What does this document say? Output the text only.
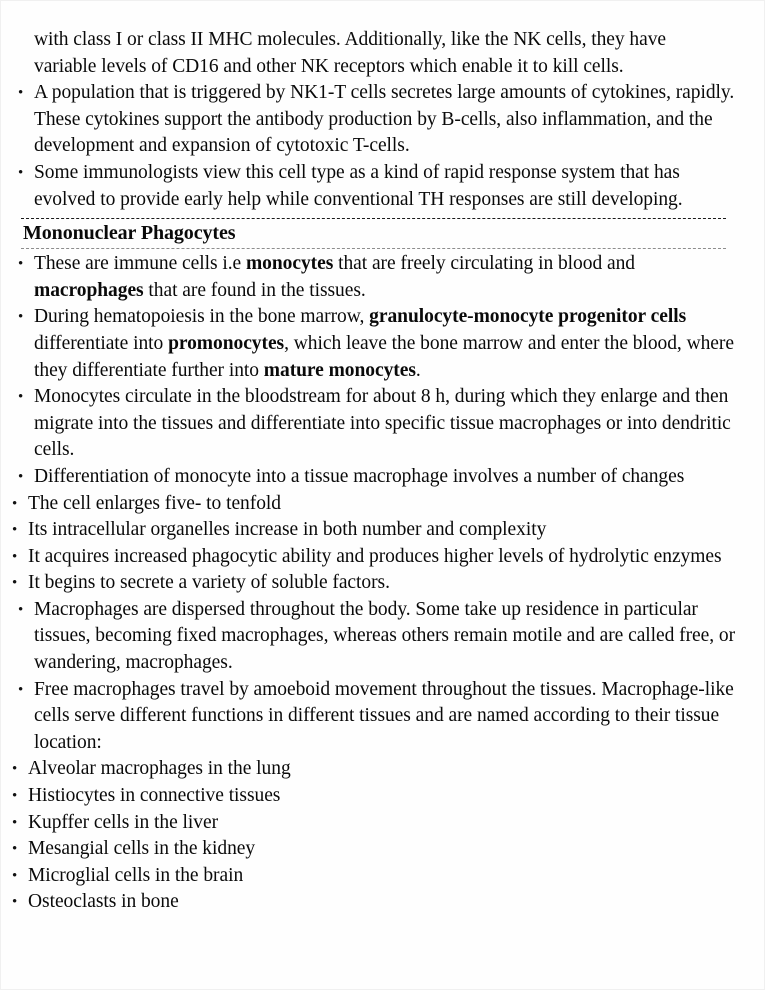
with class I or class II MHC molecules. Additionally, like the NK cells, they have
variable levels of CD16 and other NK receptors which enable it to kill cells.
•
A population that is triggered by NK1-T cells secretes large amounts of cytokines, rapidly. These cytokines support the antibody production by B-cells, also inflammation, and the development and expansion of cytotoxic T-cells.
•
Some immunologists view this cell type as a kind of rapid response system that has evolved to provide early help while conventional TH responses are still developing.
Mononuclear Phagocytes
•
These are immune cells i.e monocytes that are freely circulating in blood and macrophages that are found in the tissues.
•
During hematopoiesis in the bone marrow, granulocyte-monocyte progenitor cells differentiate into promonocytes, which leave the bone marrow and enter the blood, where they differentiate further into mature monocytes.
•
Monocytes circulate in the bloodstream for about 8 h, during which they enlarge and then migrate into the tissues and differentiate into specific tissue macrophages or into dendritic cells.
•
Differentiation of monocyte into a tissue macrophage involves a number of changes
•
The cell enlarges five- to tenfold
•
Its intracellular organelles increase in both number and complexity
•
It acquires increased phagocytic ability and produces higher levels of hydrolytic enzymes
•
It begins to secrete a variety of soluble factors.
•
Macrophages are dispersed throughout the body. Some take up residence in particular tissues, becoming fixed macrophages, whereas others remain motile and are called free, or wandering, macrophages.
•
Free macrophages travel by amoeboid movement throughout the tissues. Macrophage-like cells serve different functions in different tissues and are named according to their tissue location:
•
Alveolar macrophages in the lung
•
Histiocytes in connective tissues
•
Kupffer cells in the liver
•
Mesangial cells in the kidney
•
Microglial cells in the brain
•
Osteoclasts in bone
